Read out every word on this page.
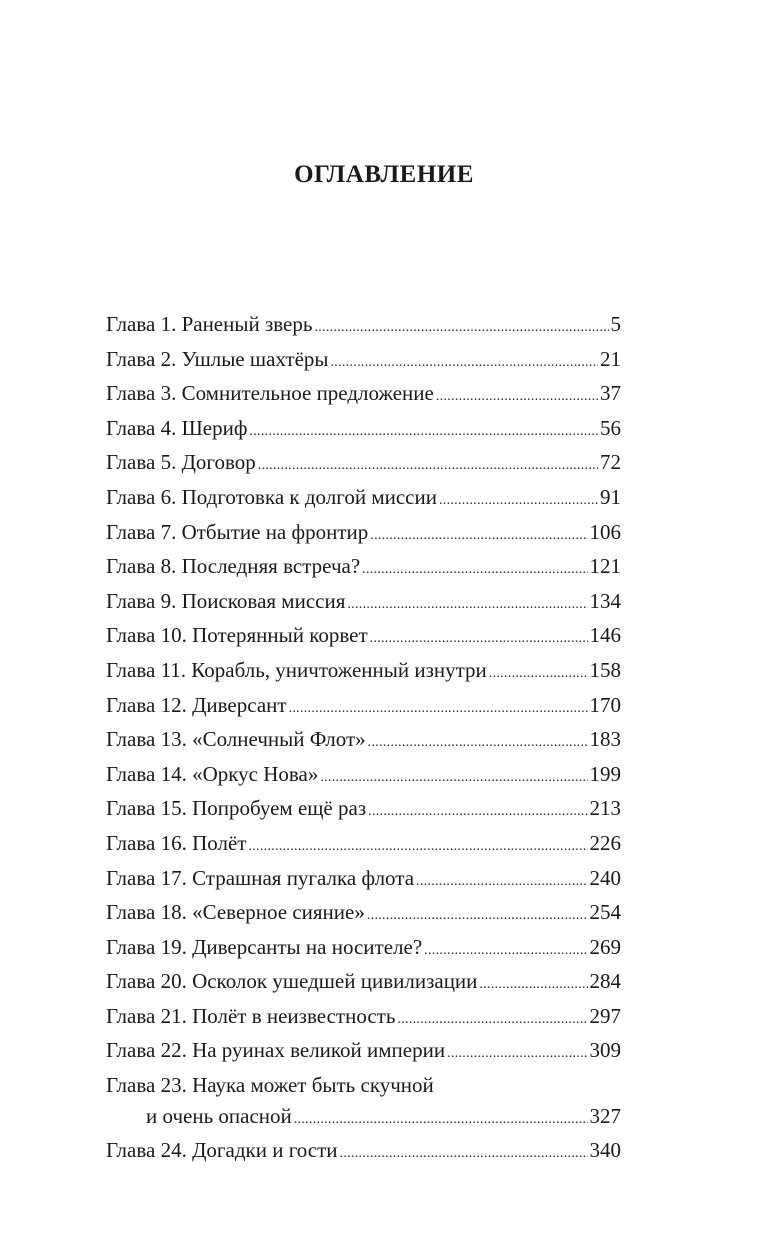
ОГЛАВЛЕНИЕ
Глава 1. Раненый зверь .....	5
Глава 2. Ушлые шахтёры .....	21
Глава 3. Сомнительное предложение .....	37
Глава 4. Шериф .....	56
Глава 5. Договор .....	72
Глава 6. Подготовка к долгой миссии .....	91
Глава 7. Отбытие на фронтир .....	106
Глава 8. Последняя встреча? .....	121
Глава 9. Поисковая миссия .....	134
Глава 10. Потерянный корвет .....	146
Глава 11. Корабль, уничтоженный изнутри .....	158
Глава 12. Диверсант .....	170
Глава 13. «Солнечный Флот» .....	183
Глава 14. «Оркус Нова» .....	199
Глава 15. Попробуем ещё раз .....	213
Глава 16. Полёт .....	226
Глава 17. Страшная пугалка флота .....	240
Глава 18. «Северное сияние» .....	254
Глава 19. Диверсанты на носителе? .....	269
Глава 20. Осколок ушедшей цивилизации .....	284
Глава 21. Полёт в неизвестность .....	297
Глава 22. На руинах великой империи .....	309
Глава 23. Наука может быть скучной
и очень опасной .....	327
Глава 24. Догадки и гости .....	340
